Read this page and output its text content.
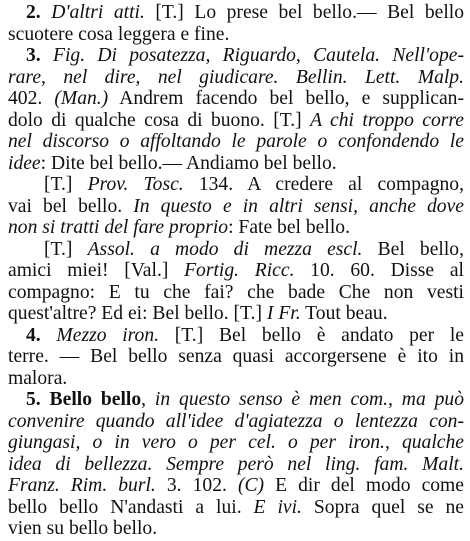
2. D'altri atti. [T.] Lo prese bel bello.— Bel bello
scuotere cosa leggera e fine.
3. Fig. Di posatezza, Riguardo, Cautela. Nell'ope-
rare, nel dire, nel giudicare. Bellin. Lett. Malp.
402. (Man.) Andrem facendo bel bello, e supplican-
dolo di qualche cosa di buono. [T.] A chi troppo corre
nel discorso o affoltando le parole o confondendo le
idee: Dite bel bello.— Andiamo bel bello.
[T.] Prov. Tosc. 134. A credere al compagno,
vai bel bello. In questo e in altri sensi, anche dove
non si tratti del fare proprio: Fate bel bello.
[T.] Assol. a modo di mezza escl. Bel bello,
amici miei! [Val.] Fortig. Ricc. 10. 60. Disse al
compagno: E tu che fai? che bade Che non vesti
quest'altre? Ed ei: Bel bello. [T.] I Fr. Tout beau.
4. Mezzo iron. [T.] Bel bello è andato per le
terre. — Bel bello senza quasi accorgersene è ito in
malora.
5. Bello bello, in questo senso è men com., ma può
convenire quando all'idee d'agiatezza o lentezza con-
giungasi, o in vero o per cel. o per iron., qualche
idea di bellezza. Sempre però nel ling. fam. Malt.
Franz. Rim. burl. 3. 102. (C) E dir del modo come
bello bello N'andasti a lui. E ivi. Sopra quel se ne
vien su bello bello.
